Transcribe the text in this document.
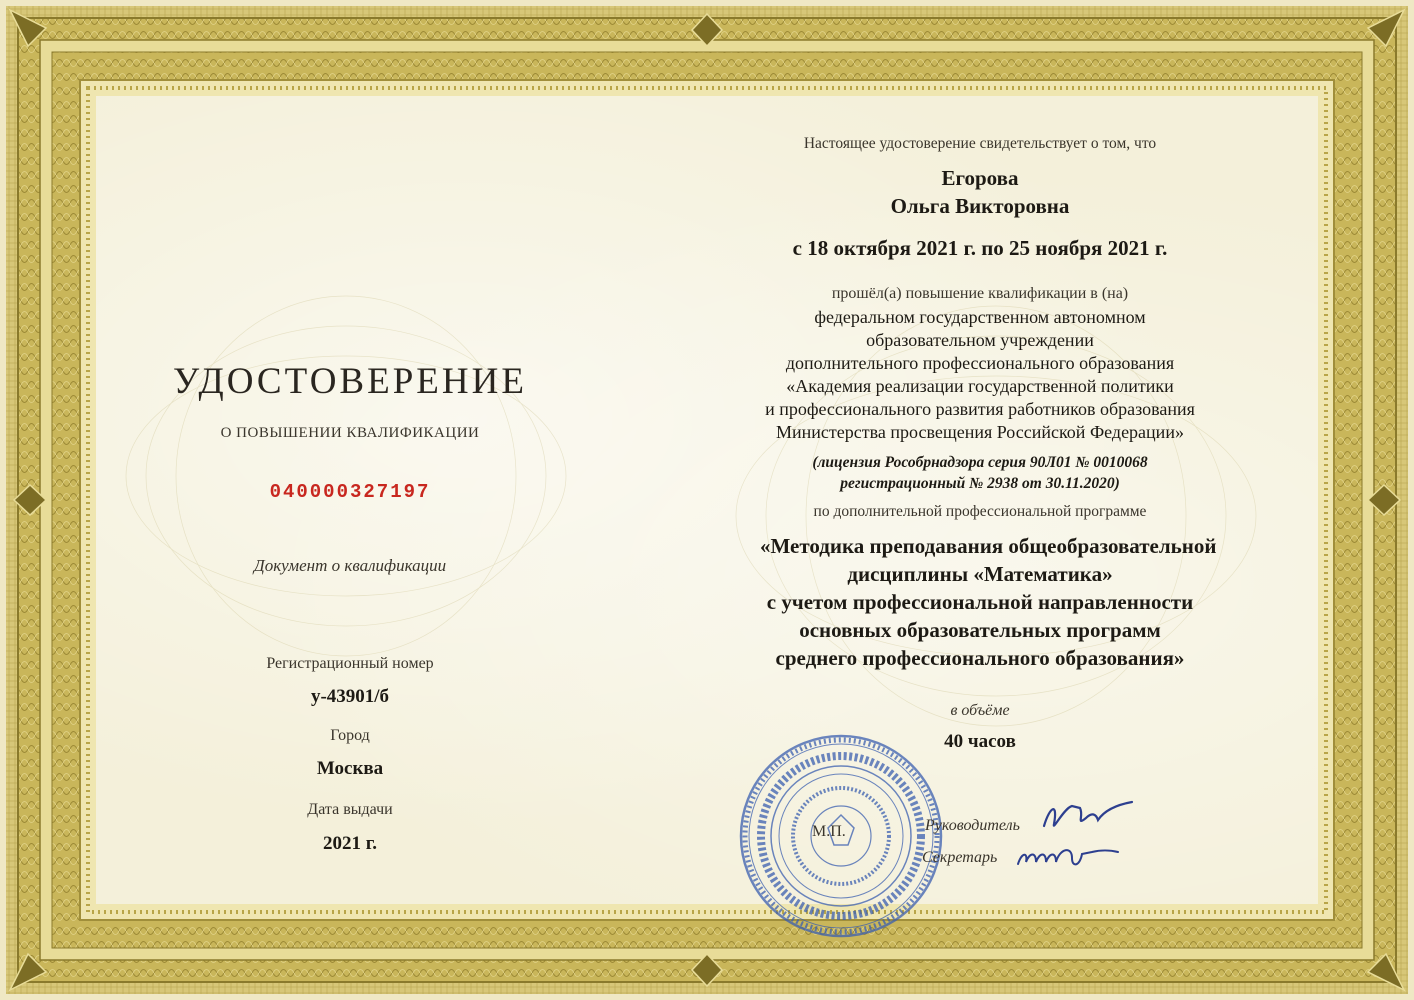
УДОСТОВЕРЕНИЕ
О ПОВЫШЕНИИ КВАЛИФИКАЦИИ
040000327197
Документ о квалификации
Регистрационный номер
у-43901/б
Город
Москва
Дата выдачи
2021 г.
Настоящее удостоверение свидетельствует о том, что
Егорова
Ольга Викторовна
с 18 октября 2021 г. по 25 ноября 2021 г.
прошёл(а) повышение квалификации в (на)
федеральном государственном автономном
образовательном учреждении
дополнительного профессионального образования
«Академия реализации государственной политики
и профессионального развития работников образования
Министерства просвещения Российской Федерации»
(лицензия Рособрнадзора серия 90Л01 № 0010068
регистрационный № 2938 от 30.11.2020)
по дополнительной профессиональной программе
«Методика преподавания общеобразовательной
дисциплины «Математика»
с учетом профессиональной направленности
основных образовательных программ
среднего профессионального образования»
в объёме
40 часов
М.П.	Руководитель
Секретарь
